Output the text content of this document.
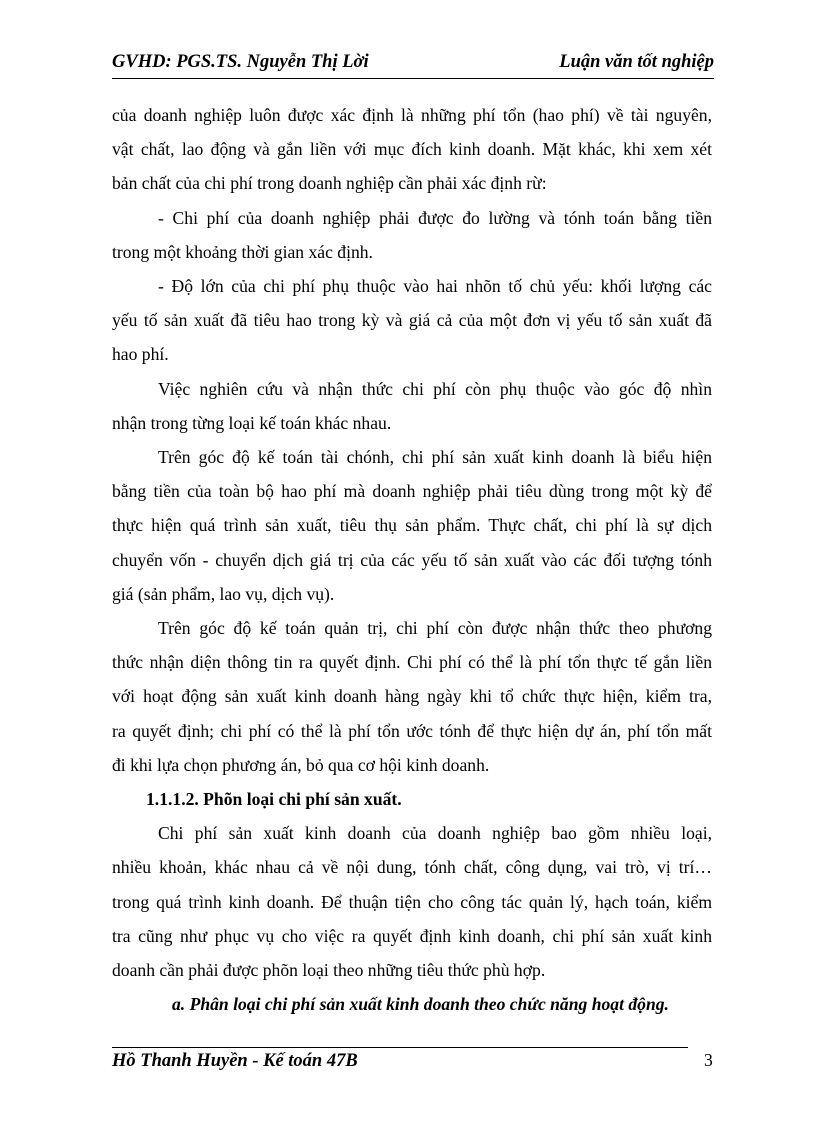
GVHD: PGS.TS. Nguyễn Thị Lời	Luận văn tốt nghiệp

của doanh nghiệp luôn được xác định là những phí tổn (hao phí) về tài nguyên,
vật chất, lao động và gắn liền với mục đích kinh doanh. Mặt khác, khi xem xét
bản chất của chi phí trong doanh nghiệp cần phải xác định rừ:

- Chi phí của doanh nghiệp phải được đo lường và tónh toán bằng tiền
trong một khoảng thời gian xác định.

- Độ lớn của chi phí phụ thuộc vào hai nhõn tố chủ yếu: khối lượng các
yếu tố sản xuất đã tiêu hao trong kỳ và giá cả của một đơn vị yếu tố sản xuất đã
hao phí.

Việc nghiên cứu và nhận thức chi phí còn phụ thuộc vào góc độ nhìn
nhận trong từng loại kế toán khác nhau.

Trên góc độ kế toán tài chónh, chi phí sản xuất kinh doanh là biểu hiện
bằng tiền của toàn bộ hao phí mà doanh nghiệp phải tiêu dùng trong một kỳ để
thực hiện quá trình sản xuất, tiêu thụ sản phẩm. Thực chất, chi phí là sự dịch
chuyển vốn - chuyển dịch giá trị của các yếu tố sản xuất vào các đối tượng tónh
giá (sản phẩm, lao vụ, dịch vụ).

Trên góc độ kế toán quản trị, chi phí còn được nhận thức theo phương
thức nhận diện thông tin ra quyết định. Chi phí có thể là phí tổn thực tế gắn liền
với hoạt động sản xuất kinh doanh hàng ngày khi tổ chức thực hiện, kiểm tra,
ra quyết định; chi phí có thể là phí tổn ước tónh để thực hiện dự án, phí tổn mất
đi khi lựa chọn phương án, bỏ qua cơ hội kinh doanh.

1.1.1.2. Phõn loại chi phí sản xuất.

Chi phí sản xuất kinh doanh của doanh nghiệp bao gồm nhiều loại,
nhiều khoản, khác nhau cả về nội dung, tónh chất, công dụng, vai trò, vị trí…
trong quá trình kinh doanh. Để thuận tiện cho công tác quản lý, hạch toán, kiểm
tra cũng như phục vụ cho việc ra quyết định kinh doanh, chi phí sản xuất kinh
doanh cần phải được phõn loại theo những tiêu thức phù hợp.

a. Phân loại chi phí sản xuất kinh doanh theo chức năng hoạt động.

Hồ Thanh Huyền - Kế toán 47B	3
